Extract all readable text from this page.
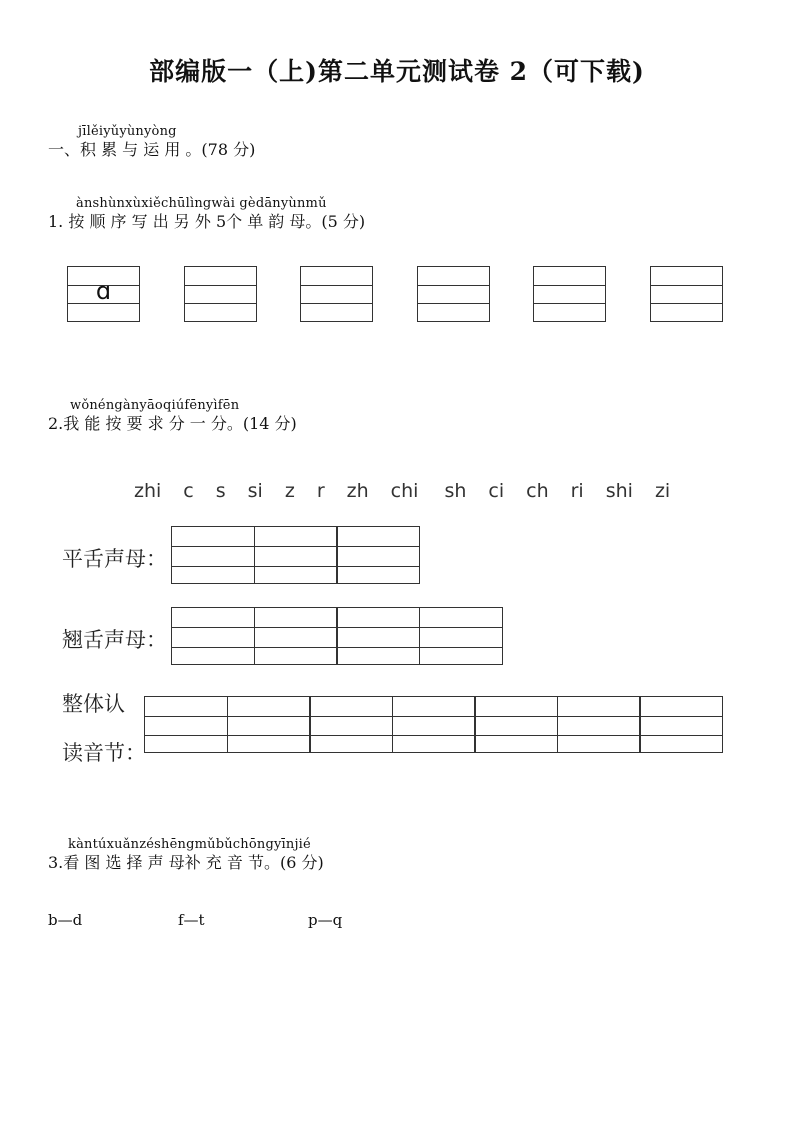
部编版一（上)第二单元测试卷 2（可下载)
jīlěiyǔyùnyòng
一、积 累 与 运 用 。(78 分)
ànshùnxùxiěchūlìngwài gèdānyùnmǔ
1. 按 顺 序 写 出 另 外 5个 单 韵 母。(5 分)
ɑ
wǒnéngànyāoqiúfēnyìfēn
2.我 能 按 要 求 分 一 分。(14 分)
zhi c s si z r zh chi sh ci ch ri shi zi
平舌声母：
翘舌声母：
整体认
读音节：
kàntúxuǎnzéshēngmǔbǔchōngyīnjié
3.看 图 选 择 声 母补 充 音 节。(6 分)
b—d	f—t	p—q
